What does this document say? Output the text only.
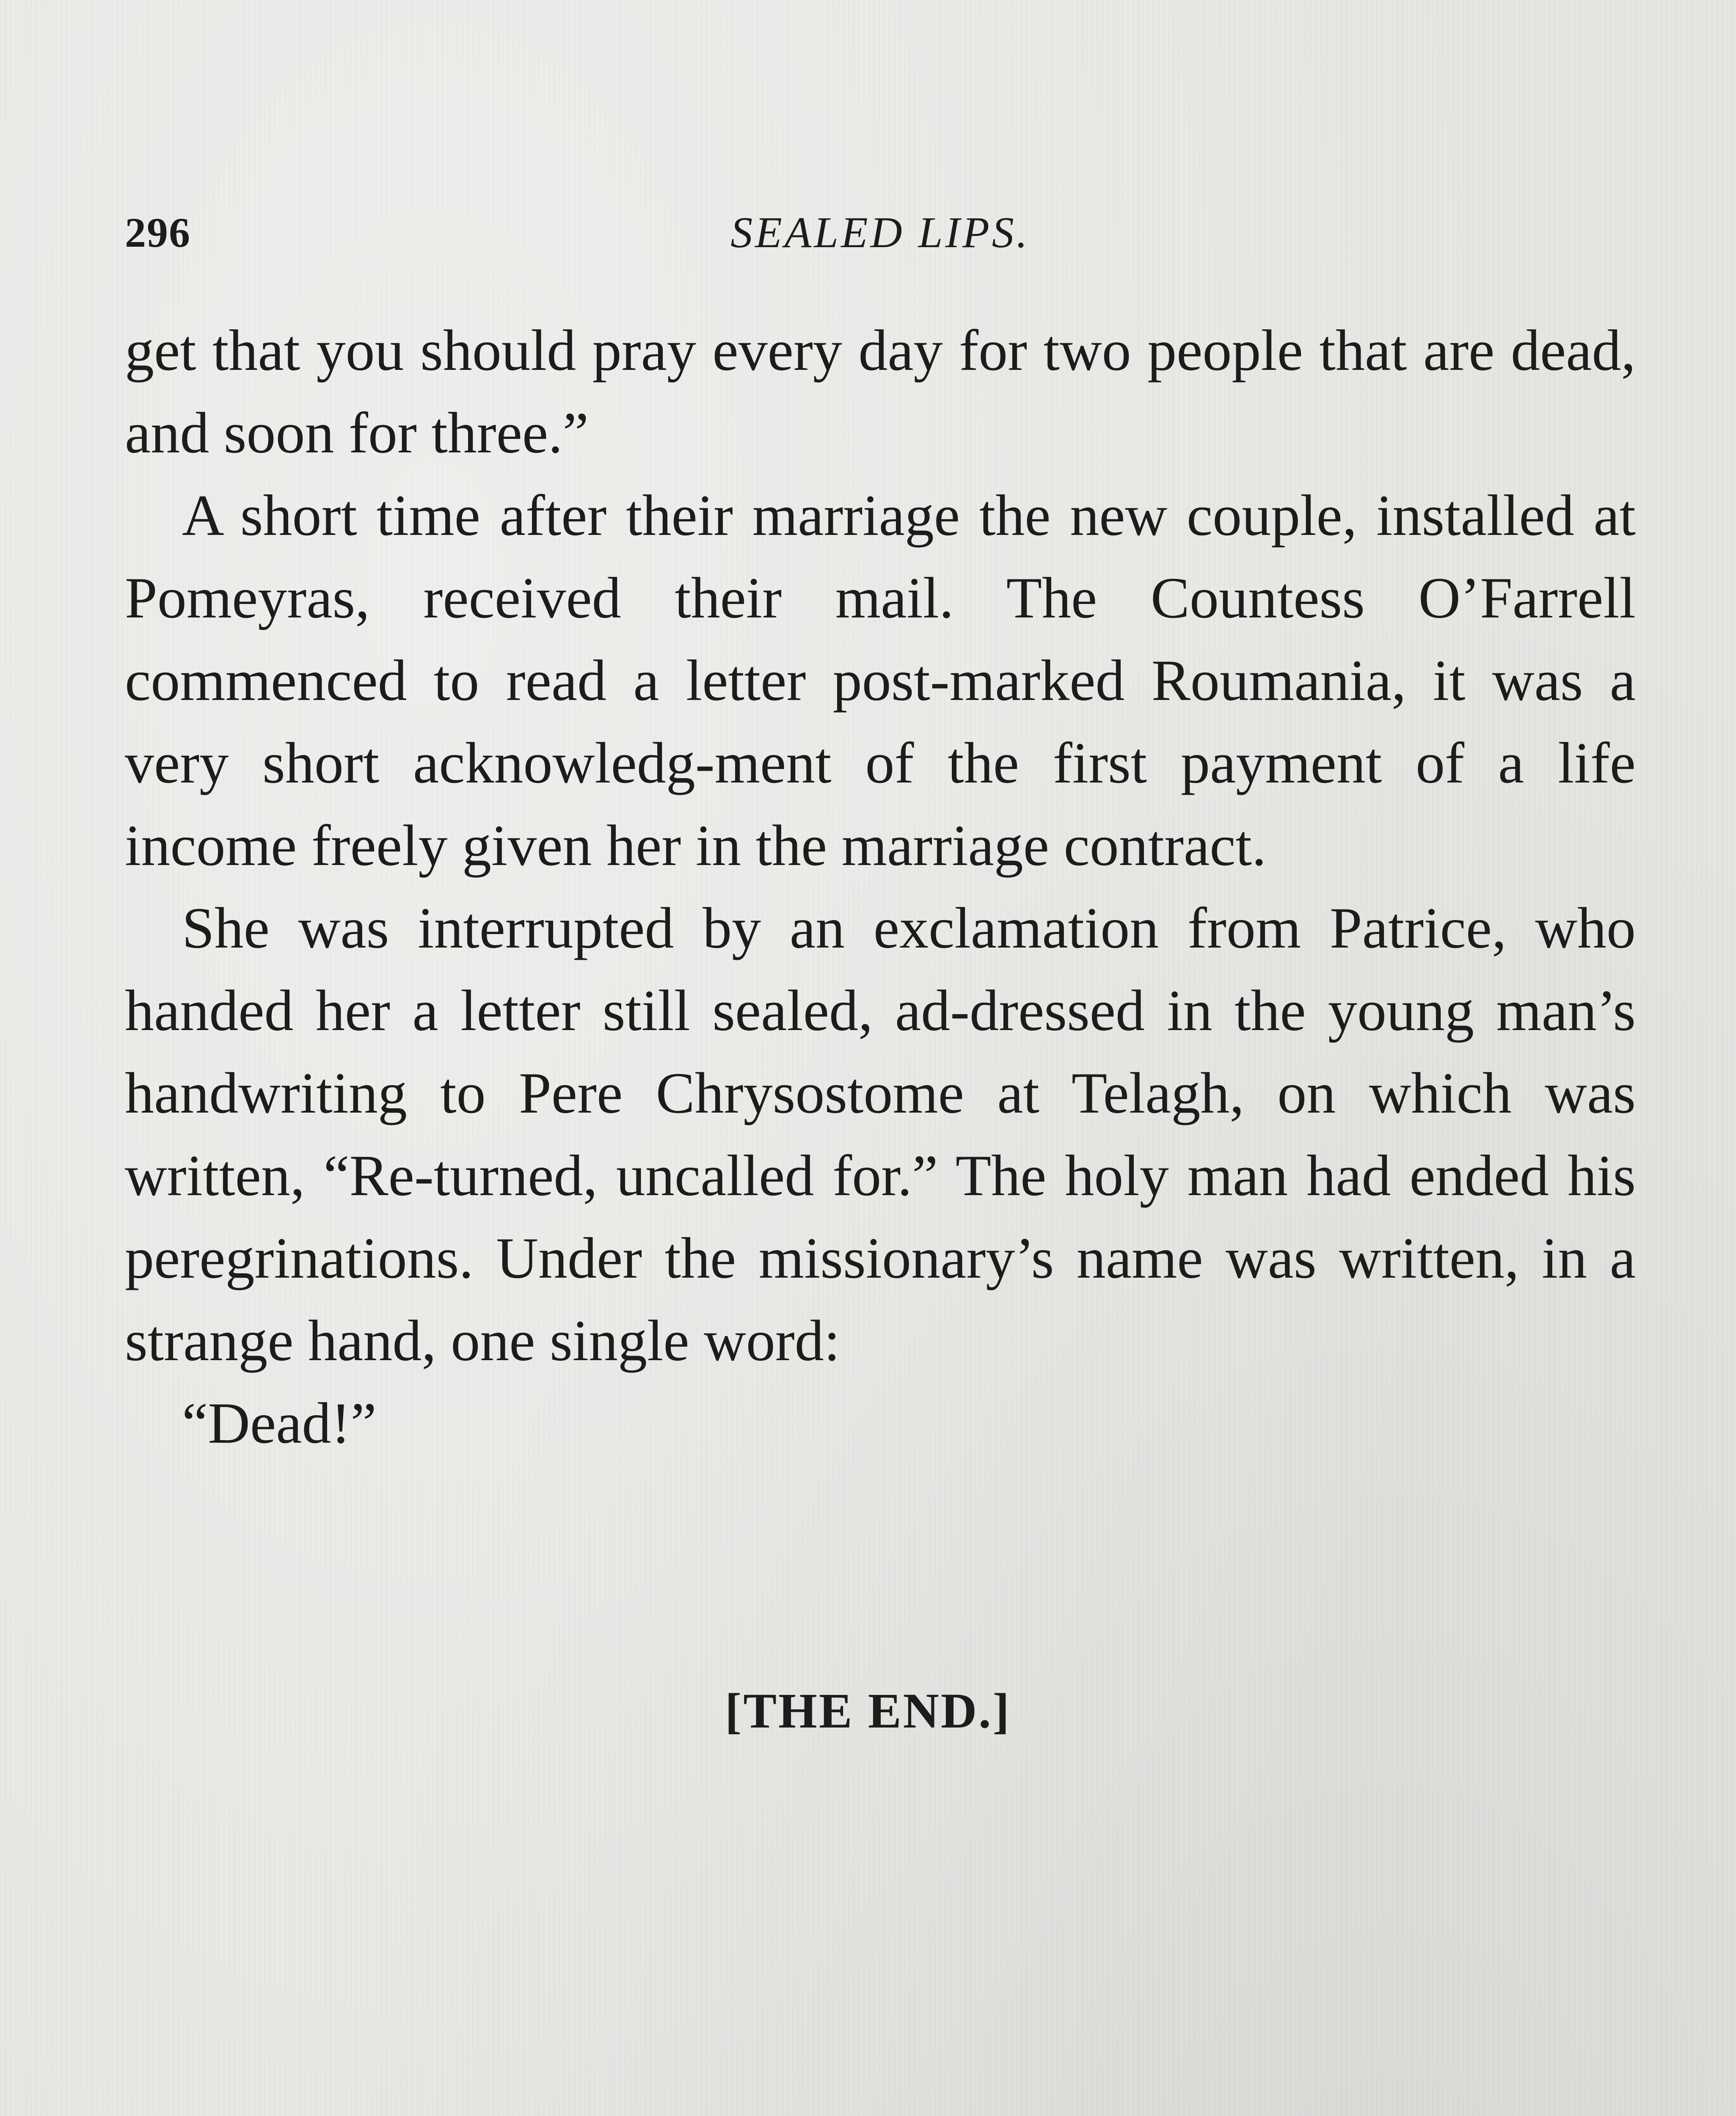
296	SEALED LIPS.

get that you should pray every day for two people that are dead, and soon for three.”

A short time after their marriage the new couple, installed at Pomeyras, received their mail. The Countess O’Farrell commenced to read a letter post-marked Roumania, it was a very short acknowledg-ment of the first payment of a life income freely given her in the marriage contract.

She was interrupted by an exclamation from Patrice, who handed her a letter still sealed, ad-dressed in the young man’s handwriting to Pere Chrysostome at Telagh, on which was written, “Re-turned, uncalled for.” The holy man had ended his peregrinations. Under the missionary’s name was written, in a strange hand, one single word:

“Dead!”

[THE END.]
